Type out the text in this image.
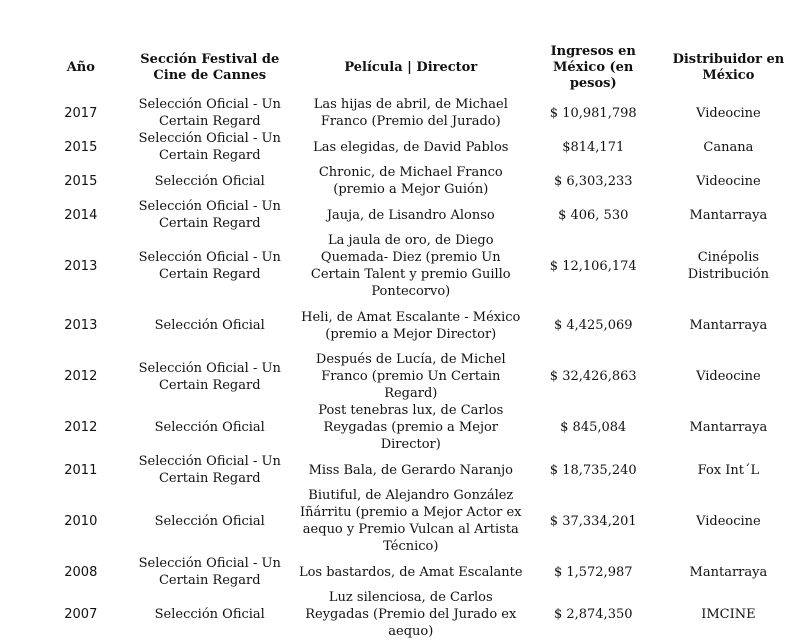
Año	Sección Festival de Cine de Cannes	Película | Director	Ingresos en México (en pesos)	Distribuidor en México
2017	Selección Oficial - Un Certain Regard	Las hijas de abril, de Michael Franco (Premio del Jurado)	$ 10,981,798	Videocine
2015	Selección Oficial - Un Certain Regard	Las elegidas, de David Pablos	$814,171	Canana
2015	Selección Oficial	Chronic, de Michael Franco (premio a Mejor Guión)	$ 6,303,233	Videocine
2014	Selección Oficial - Un Certain Regard	Jauja, de Lisandro Alonso	$ 406, 530	Mantarraya
2013	Selección Oficial - Un Certain Regard	La jaula de oro, de Diego Quemada- Diez (premio Un Certain Talent y premio Guillo Pontecorvo)	$ 12,106,174	Cinépolis Distribución
2013	Selección Oficial	Heli, de Amat Escalante - México (premio a Mejor Director)	$ 4,425,069	Mantarraya
2012	Selección Oficial - Un Certain Regard	Después de Lucía, de Michel Franco (premio Un Certain Regard)	$ 32,426,863	Videocine
2012	Selección Oficial	Post tenebras lux, de Carlos Reygadas (premio a Mejor Director)	$ 845,084	Mantarraya
2011	Selección Oficial - Un Certain Regard	Miss Bala, de Gerardo Naranjo	$ 18,735,240	Fox Int´L
2010	Selección Oficial	Biutiful, de Alejandro González Iñárritu (premio a Mejor Actor ex aequo y Premio Vulcan al Artista Técnico)	$ 37,334,201	Videocine
2008	Selección Oficial - Un Certain Regard	Los bastardos, de Amat Escalante	$ 1,572,987	Mantarraya
2007	Selección Oficial	Luz silenciosa, de Carlos Reygadas (Premio del Jurado ex aequo)	$ 2,874,350	IMCINE
